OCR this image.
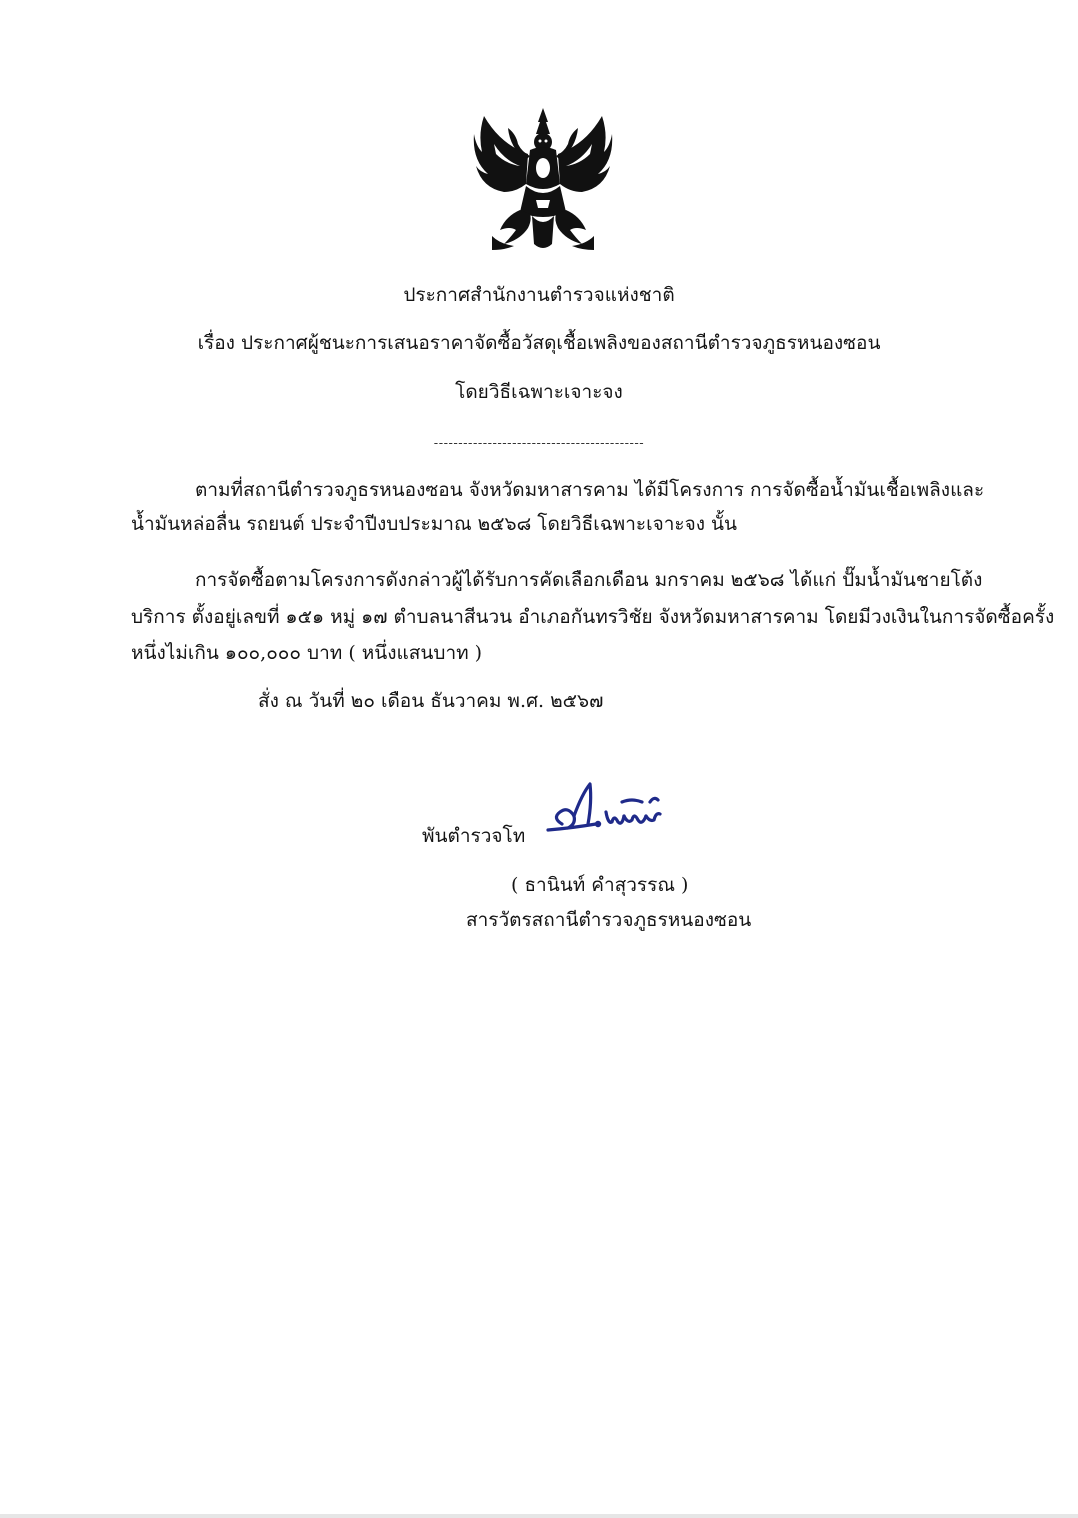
ประกาศสำนักงานตำรวจแห่งชาติ
เรื่อง ประกาศผู้ชนะการเสนอราคาจัดซื้อวัสดุเชื้อเพลิงของสถานีตำรวจภูธรหนองซอน
โดยวิธีเฉพาะเจาะจง
-------------------------------------------
ตามที่สถานีตำรวจภูธรหนองซอน จังหวัดมหาสารคาม ได้มีโครงการ การจัดซื้อน้ำมันเชื้อเพลิงและ
น้ำมันหล่อลื่น รถยนต์ ประจำปีงบประมาณ ๒๕๖๘ โดยวิธีเฉพาะเจาะจง นั้น
การจัดซื้อตามโครงการดังกล่าวผู้ได้รับการคัดเลือกเดือน มกราคม ๒๕๖๘ ได้แก่ ปั๊มน้ำมันชายโต้ง
บริการ ตั้งอยู่เลขที่ ๑๕๑ หมู่ ๑๗ ตำบลนาสีนวน อำเภอกันทรวิชัย จังหวัดมหาสารคาม โดยมีวงเงินในการจัดซื้อครั้ง
หนึ่งไม่เกิน ๑๐๐,๐๐๐ บาท ( หนึ่งแสนบาท )
สั่ง ณ วันที่ ๒๐ เดือน ธันวาคม พ.ศ. ๒๕๖๗
พันตำรวจโท
( ธานินท์ คำสุวรรณ )
สารวัตรสถานีตำรวจภูธรหนองซอน
